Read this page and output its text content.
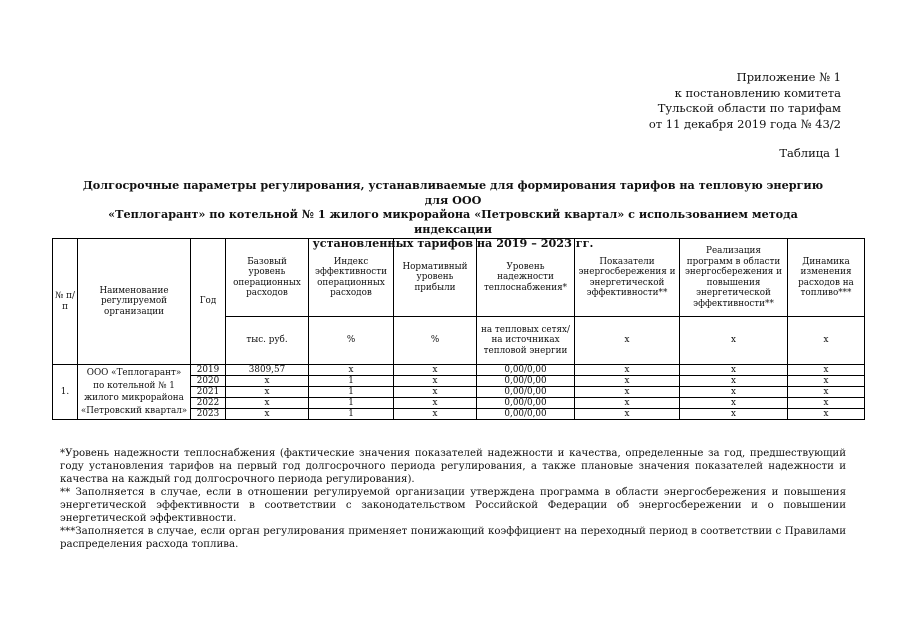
Приложение № 1
к постановлению комитета
Тульской области по тарифам
от 11 декабря 2019 года № 43/2
Таблица 1
Долгосрочные параметры регулирования, устанавливаемые для формирования тарифов на тепловую энергию для ООО
«Теплогарант» по котельной № 1 жилого микрорайона «Петровский квартал» с использованием метода индексации
установленных тарифов на 2019 – 2023 гг.
№ п/п	Наименование регулируемой организации	Год	Базовый уровень операционных расходов	Индекс эффективности операционных расходов	Нормативный уровень прибыли	Уровень надежности теплоснабжения*	Показатели энергосбережения и энергетической эффективности**	Реализация программ в области энергосбережения и повышения энергетической эффективности**	Динамика изменения расходов на топливо***
			тыс. руб.	%	%	на тепловых сетях/на источниках тепловой энергии	x	x	x
1.	ООО «Теплогарант» по котельной № 1 жилого микрорайона «Петровский квартал»	2019	3809,57	x	x	0,00/0,00	x	x	x
		2020	x	1	x	0,00/0,00	x	x	x
		2021	x	1	x	0,00/0,00	x	x	x
		2022	x	1	x	0,00/0,00	x	x	x
		2023	x	1	x	0,00/0,00	x	x	x

*Уровень надежности теплоснабжения (фактические значения показателей надежности и качества, определенные за год, предшествующий году установления тарифов на первый год долгосрочного периода регулирования, а также плановые значения показателей надежности и качества на каждый год долгосрочного периода регулирования).

** Заполняется в случае, если в отношении регулируемой организации утверждена программа в области энергосбережения и повышения энергетической эффективности в соответствии с законодательством Российской Федерации об энергосбережении и о повышении энергетической эффективности.

***Заполняется в случае, если орган регулирования применяет понижающий коэффициент на переходный период в соответствии с Правилами распределения расхода топлива.
